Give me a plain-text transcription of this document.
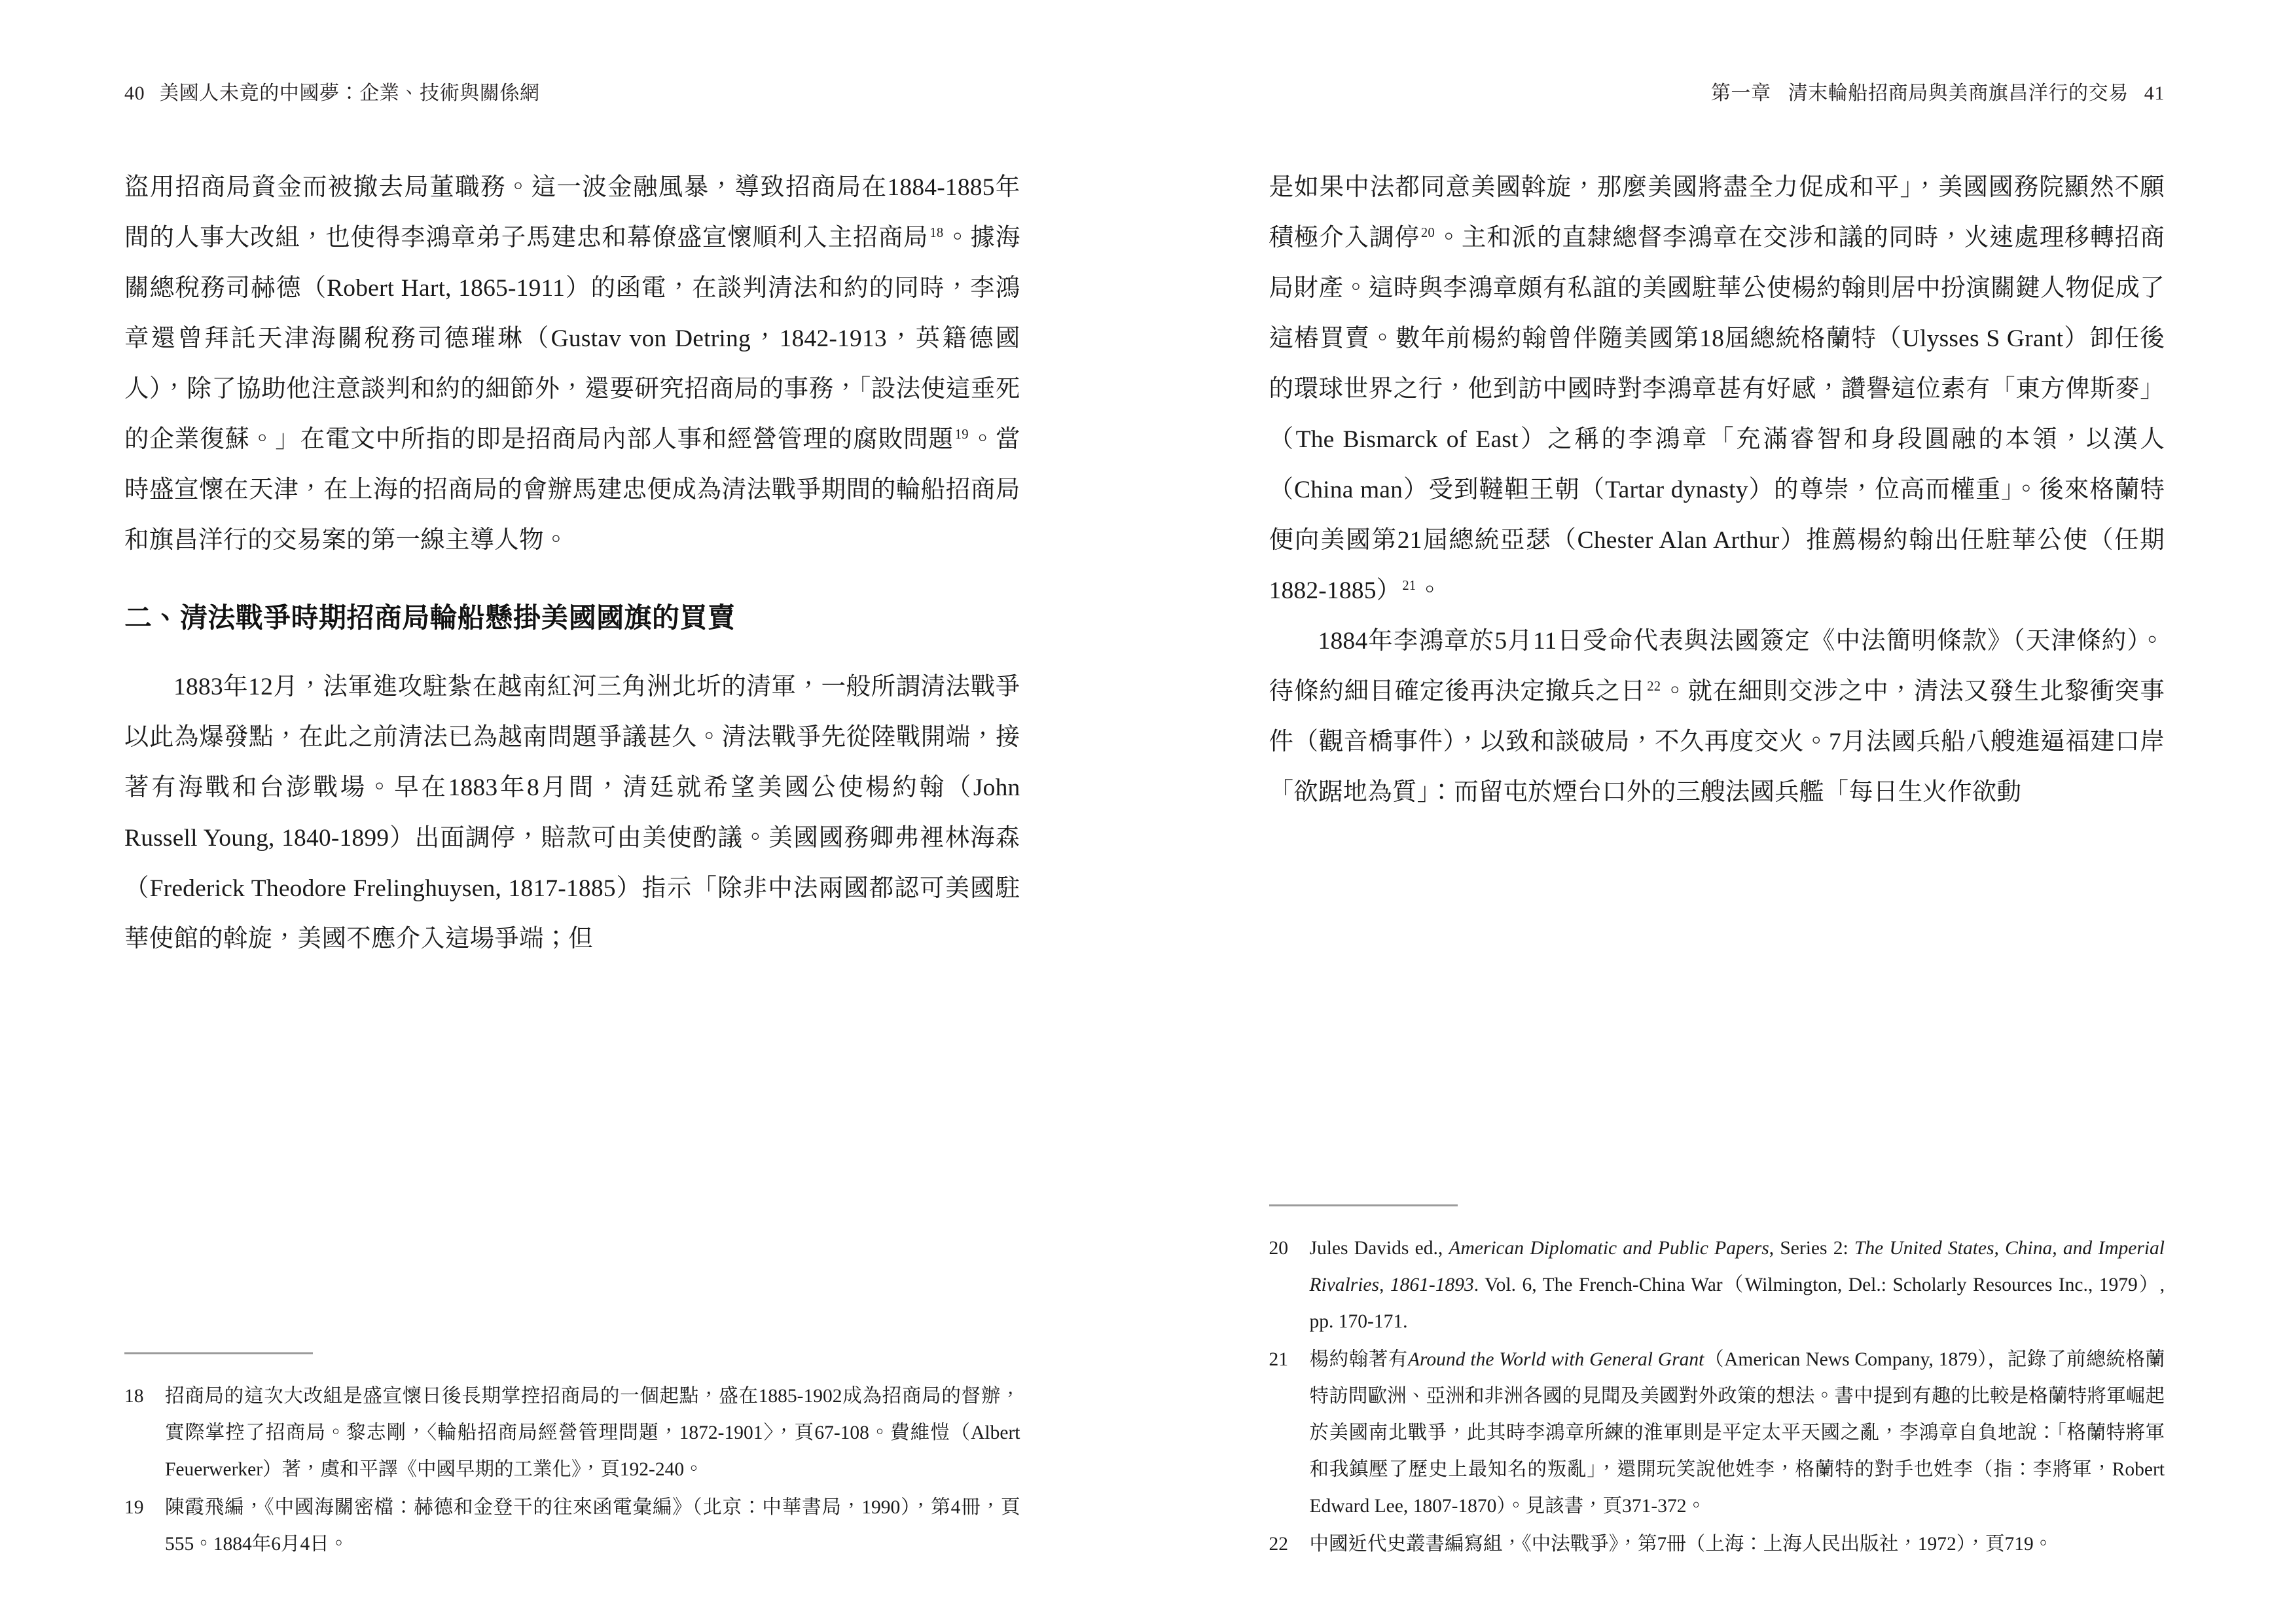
40 美國人未竟的中國夢：企業、技術與關係網

盜用招商局資金而被撤去局董職務。這一波金融風暴，導致招商局在1884-1885年間的人事大改組，也使得李鴻章弟子馬建忠和幕僚盛宣懷順利入主招商局$^{18}$。據海關總稅務司赫德（Robert Hart, 1865-1911）的函電，在談判清法和約的同時，李鴻章還曾拜託天津海關稅務司德璀琳（Gustav von Detring，1842-1913，英籍德國人），除了協助他注意談判和約的細節外，還要研究招商局的事務，「設法使這垂死的企業復蘇。」在電文中所指的即是招商局內部人事和經營管理的腐敗問題$^{19}$。當時盛宣懷在天津，在上海的招商局的會辦馬建忠便成為清法戰爭期間的輪船招商局和旗昌洋行的交易案的第一線主導人物。

二、清法戰爭時期招商局輪船懸掛美國國旗的買賣

1883年12月，法軍進攻駐紮在越南紅河三角洲北圻的清軍，一般所謂清法戰爭以此為爆發點，在此之前清法已為越南問題爭議甚久。清法戰爭先從陸戰開端，接著有海戰和台澎戰場。早在1883年8月間，清廷就希望美國公使楊約翰（John Russell Young, 1840-1899）出面調停，賠款可由美使酌議。美國國務卿弗裡林海森（Frederick Theodore Frelinghuysen, 1817-1885）指示「除非中法兩國都認可美國駐華使館的斡旋，美國不應介入這場爭端；但

18	招商局的這次大改組是盛宣懷日後長期掌控招商局的一個起點，盛在1885-1902成為招商局的督辦，實際掌控了招商局。黎志剛，〈輪船招商局經營管理問題，1872-1901〉，頁67-108。費維愷（Albert Feuerwerker）著，虞和平譯《中國早期的工業化》，頁192-240。
19	陳霞飛編，《中國海關密檔：赫德和金登干的往來函電彙編》（北京：中華書局，1990），第4冊，頁555。1884年6月4日。
第一章 清末輪船招商局與美商旗昌洋行的交易 41

是如果中法都同意美國斡旋，那麼美國將盡全力促成和平」，美國國務院顯然不願積極介入調停$^{20}$。主和派的直隸總督李鴻章在交涉和議的同時，火速處理移轉招商局財產。這時與李鴻章頗有私誼的美國駐華公使楊約翰則居中扮演關鍵人物促成了這樁買賣。數年前楊約翰曾伴隨美國第18屆總統格蘭特（Ulysses S Grant）卸任後的環球世界之行，他到訪中國時對李鴻章甚有好感，讚譽這位素有「東方俾斯麥」（The Bismarck of East）之稱的李鴻章「充滿睿智和身段圓融的本領，以漢人（China man）受到韃靼王朝（Tartar dynasty）的尊崇，位高而權重」。後來格蘭特便向美國第21屆總統亞瑟（Chester Alan Arthur）推薦楊約翰出任駐華公使（任期1882-1885）$^{21}$。

1884年李鴻章於5月11日受命代表與法國簽定《中法簡明條款》（天津條約）。待條約細目確定後再決定撤兵之日$^{22}$。就在細則交涉之中，清法又發生北黎衝突事件（觀音橋事件），以致和談破局，不久再度交火。7月法國兵船八艘進逼福建口岸「欲踞地為質」：而留屯於煙台口外的三艘法國兵艦「每日生火作欲動

20	Jules Davids ed., American Diplomatic and Public Papers, Series 2: The United States, China, and Imperial Rivalries, 1861-1893. Vol. 6, The French-China War（Wilmington, Del.: Scholarly Resources Inc., 1979）, pp. 170-171.
21	楊約翰著有Around the World with General Grant（American News Company, 1879），記錄了前總統格蘭特訪問歐洲、亞洲和非洲各國的見聞及美國對外政策的想法。書中提到有趣的比較是格蘭特將軍崛起於美國南北戰爭，此其時李鴻章所練的淮軍則是平定太平天國之亂，李鴻章自負地說：「格蘭特將軍和我鎮壓了歷史上最知名的叛亂」，還開玩笑說他姓李，格蘭特的對手也姓李（指：李將軍，Robert Edward Lee, 1807-1870）。見該書，頁371-372。
22	中國近代史叢書編寫組，《中法戰爭》，第7冊（上海：上海人民出版社，1972），頁719。
